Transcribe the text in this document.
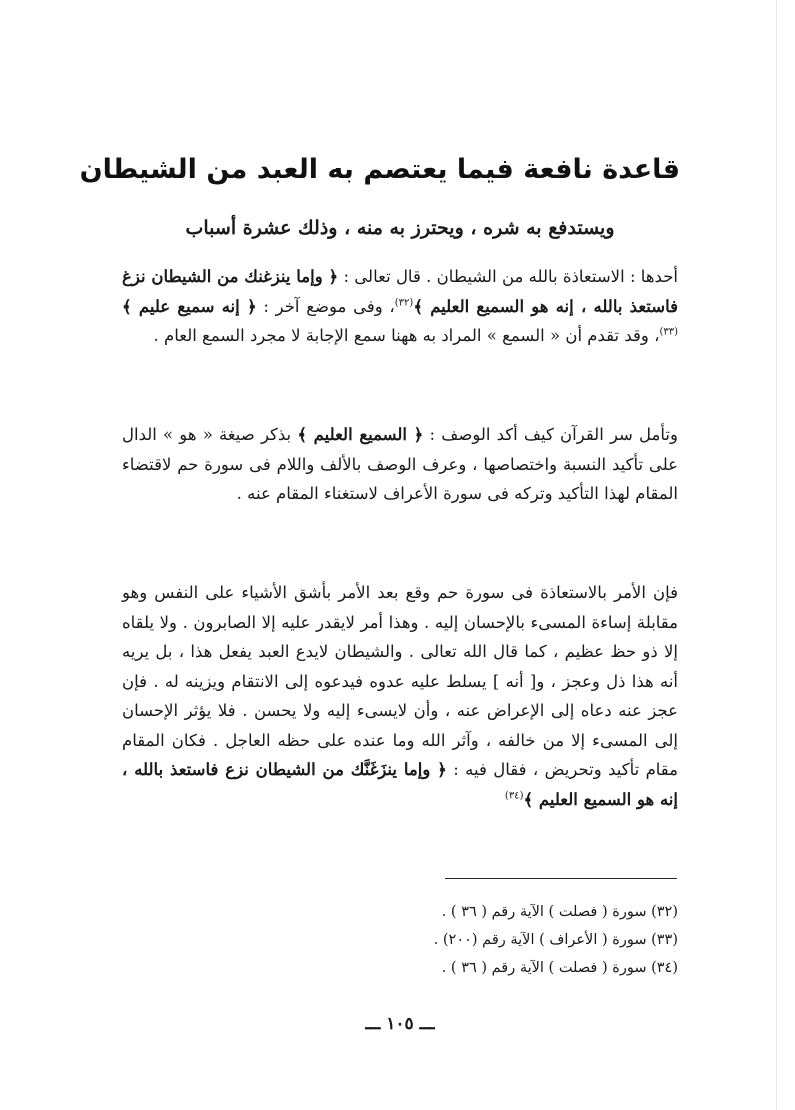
قاعدة نافعة فيما يعتصم به العبد من الشيطان
ويستدفع به شره ، ويحترز به منه ، وذلك عشرة أسباب

أحدها : الاستعاذة بالله من الشيطان . قال تعالى : ﴿ وإما ينزغنك من الشيطان نزغ فاستعذ بالله ، إنه هو السميع العليم ﴾$^{(٣٢)}$، وفى موضع آخر : ﴿ إنه سميع عليم ﴾$^{(٣٣)}$، وقد تقدم أن « السمع » المراد به ههنا سمع الإجابة لا مجرد السمع العام .

وتأمل سر القرآن كيف أكد الوصف : ﴿ السميع العليم ﴾ بذكر صيغة « هو » الدال على تأكيد النسبة واختصاصها ، وعرف الوصف بالألف واللام فى سورة حم لاقتضاء المقام لهذا التأكيد وتركه فى سورة الأعراف لاستغناء المقام عنه .

فإن الأمر بالاستعاذة فى سورة حم وقع بعد الأمر بأشق الأشياء على النفس وهو مقابلة إساءة المسىء بالإحسان إليه . وهذا أمر لايقدر عليه إلا الصابرون . ولا يلقاه إلا ذو حظ عظيم ، كما قال الله تعالى . والشيطان لايدع العبد يفعل هذا ، بل يريه أنه هذا ذل وعجز ، و[ أنه ] يسلط عليه عدوه فيدعوه إلى الانتقام ويزينه له . فإن عجز عنه دعاه إلى الإعراض عنه ، وأن لايسىء إليه ولا يحسن . فلا يؤثر الإحسان إلى المسىء إلا من خالفه ، وآثر الله وما عنده على حظه العاجل . فكان المقام مقام تأكيد وتحريض ، فقال فيه : ﴿ وإما ينزَغَنَّك من الشيطان نزع فاستعذ بالله ، إنه هو السميع العليم ﴾$^{(٣٤)}$

(٣٢) سورة ( فصلت ) الآية رقم ( ٣٦ ) .
(٣٣) سورة ( الأعراف ) الآية رقم (٢٠٠) .
(٣٤) سورة ( فصلت ) الآية رقم ( ٣٦ ) .
ـــ ١٠٥ ـــ
